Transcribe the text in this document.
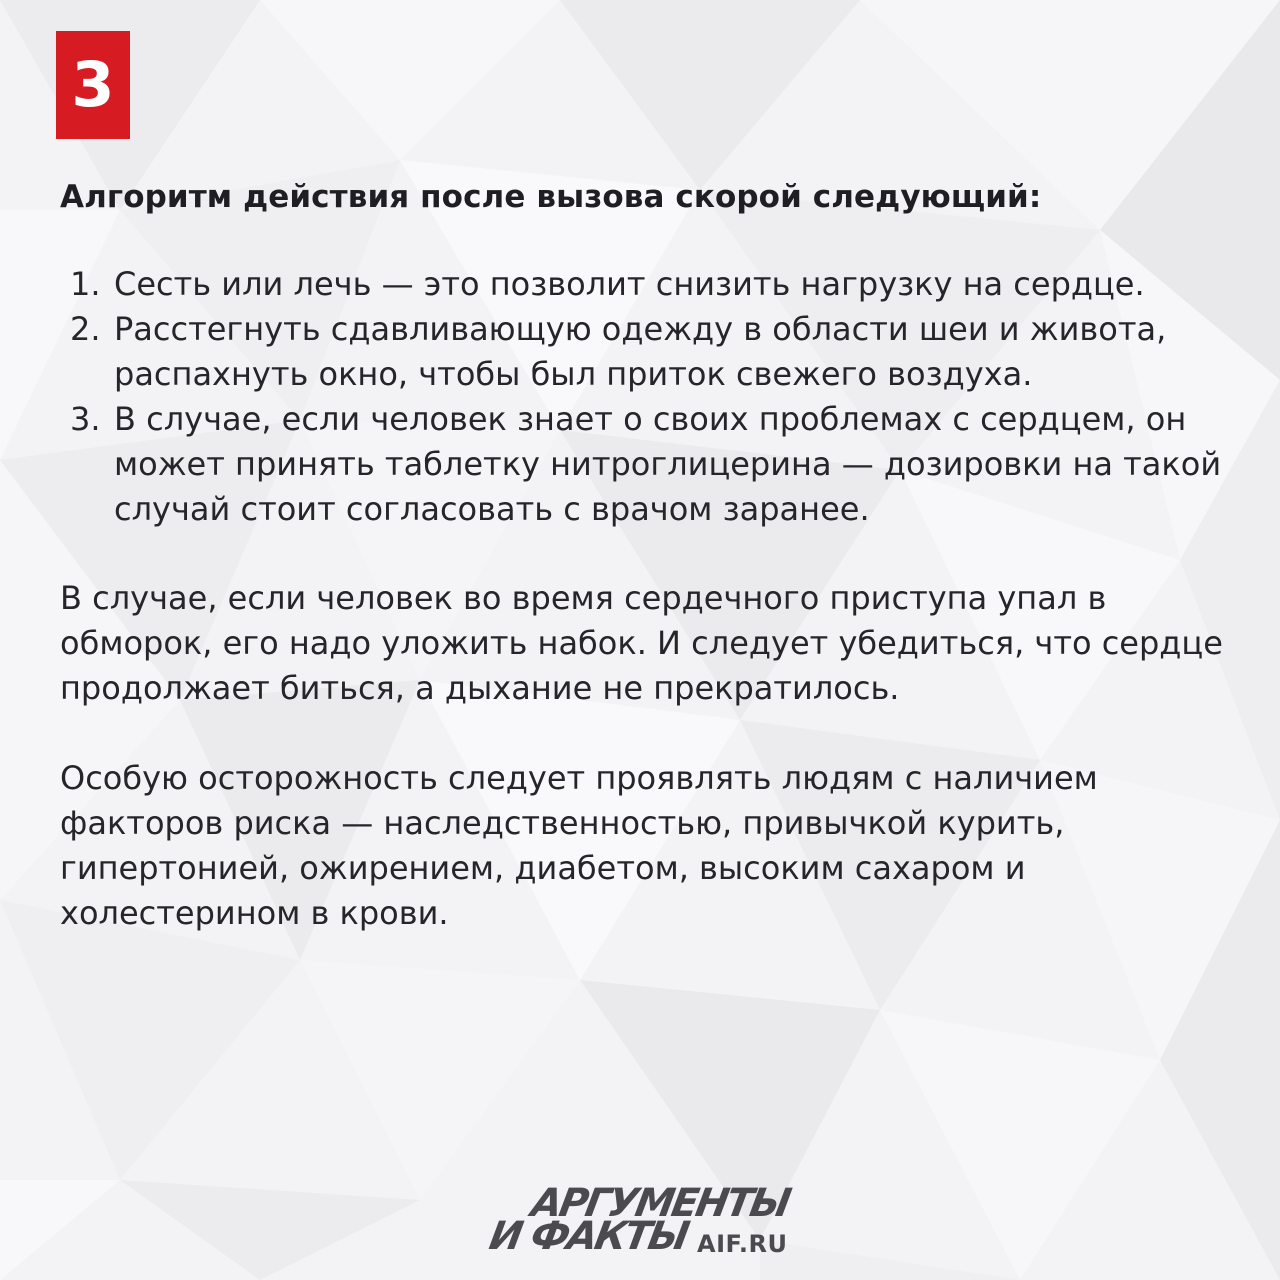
3
Алгоритм действия после вызова скорой следующий:
1. Сесть или лечь — это позволит снизить нагрузку на сердце.
2. Расстегнуть сдавливающую одежду в области шеи и живота, распахнуть окно, чтобы был приток свежего воздуха.
3. В случае, если человек знает о своих проблемах с сердцем, он может принять таблетку нитроглицерина — дозировки на такой случай стоит согласовать с врачом заранее.

В случае, если человек во время сердечного приступа упал в обморок, его надо уложить набок. И следует убедиться, что сердце продолжает биться, а дыхание не прекратилось.

Особую осторожность следует проявлять людям с наличием факторов риска — наследственностью, привычкой курить, гипертонией, ожирением, диабетом, высоким сахаром и холестерином в крови.

АРГУМЕНТЫ
И ФАКТЫ AIF.RU
